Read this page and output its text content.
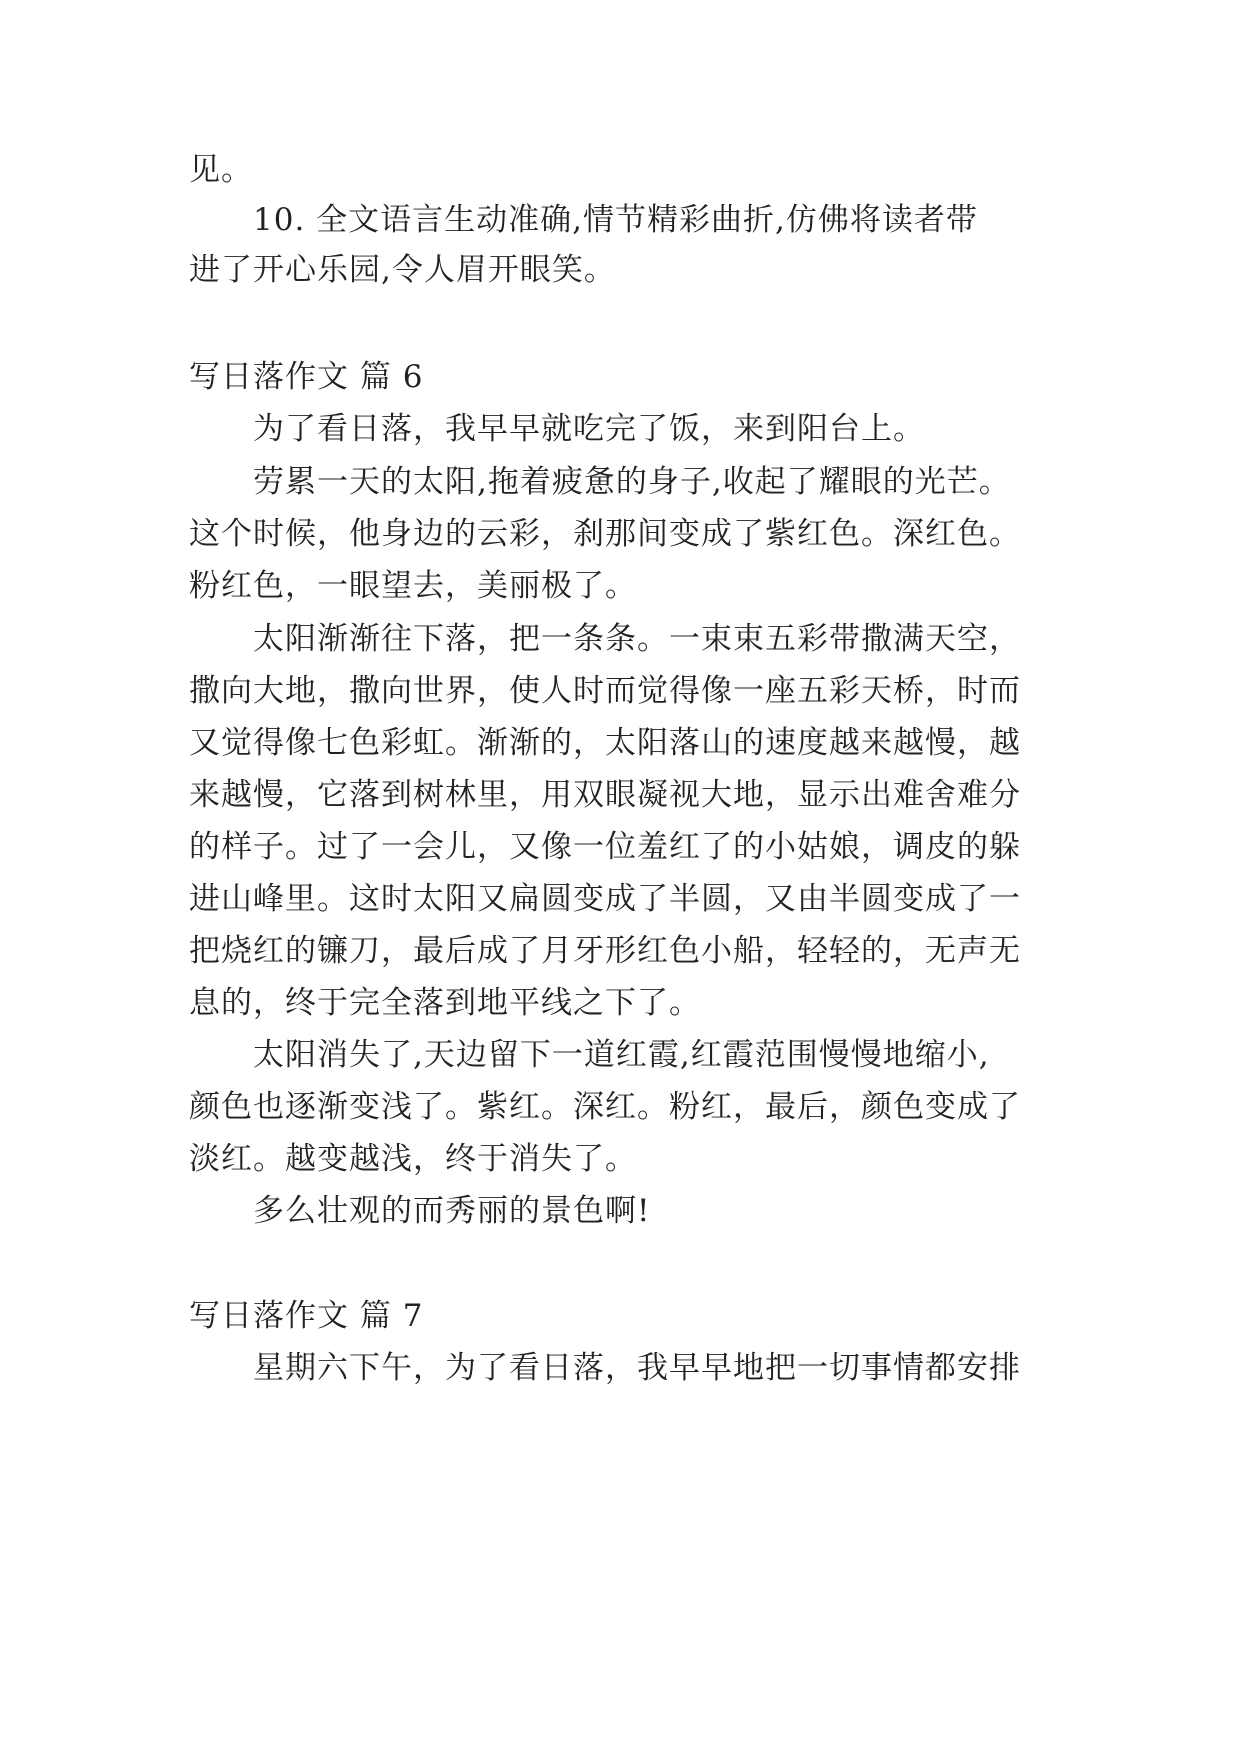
见。
10. 全文语言生动准确,情节精彩曲折,仿佛将读者带
进了开心乐园,令人眉开眼笑。
写日落作文 篇 6
为了看日落，我早早就吃完了饭，来到阳台上。
劳累一天的太阳,拖着疲惫的身子,收起了耀眼的光芒。
这个时候，他身边的云彩，刹那间变成了紫红色。深红色。
粉红色，一眼望去，美丽极了。
太阳渐渐往下落，把一条条。一束束五彩带撒满天空，
撒向大地，撒向世界，使人时而觉得像一座五彩天桥，时而
又觉得像七色彩虹。渐渐的，太阳落山的速度越来越慢，越
来越慢，它落到树林里，用双眼凝视大地，显示出难舍难分
的样子。过了一会儿，又像一位羞红了的小姑娘，调皮的躲
进山峰里。这时太阳又扁圆变成了半圆，又由半圆变成了一
把烧红的镰刀，最后成了月牙形红色小船，轻轻的，无声无
息的，终于完全落到地平线之下了。
太阳消失了,天边留下一道红霞,红霞范围慢慢地缩小,
颜色也逐渐变浅了。紫红。深红。粉红，最后，颜色变成了
淡红。越变越浅，终于消失了。
多么壮观的而秀丽的景色啊!
写日落作文 篇 7
星期六下午，为了看日落，我早早地把一切事情都安排
